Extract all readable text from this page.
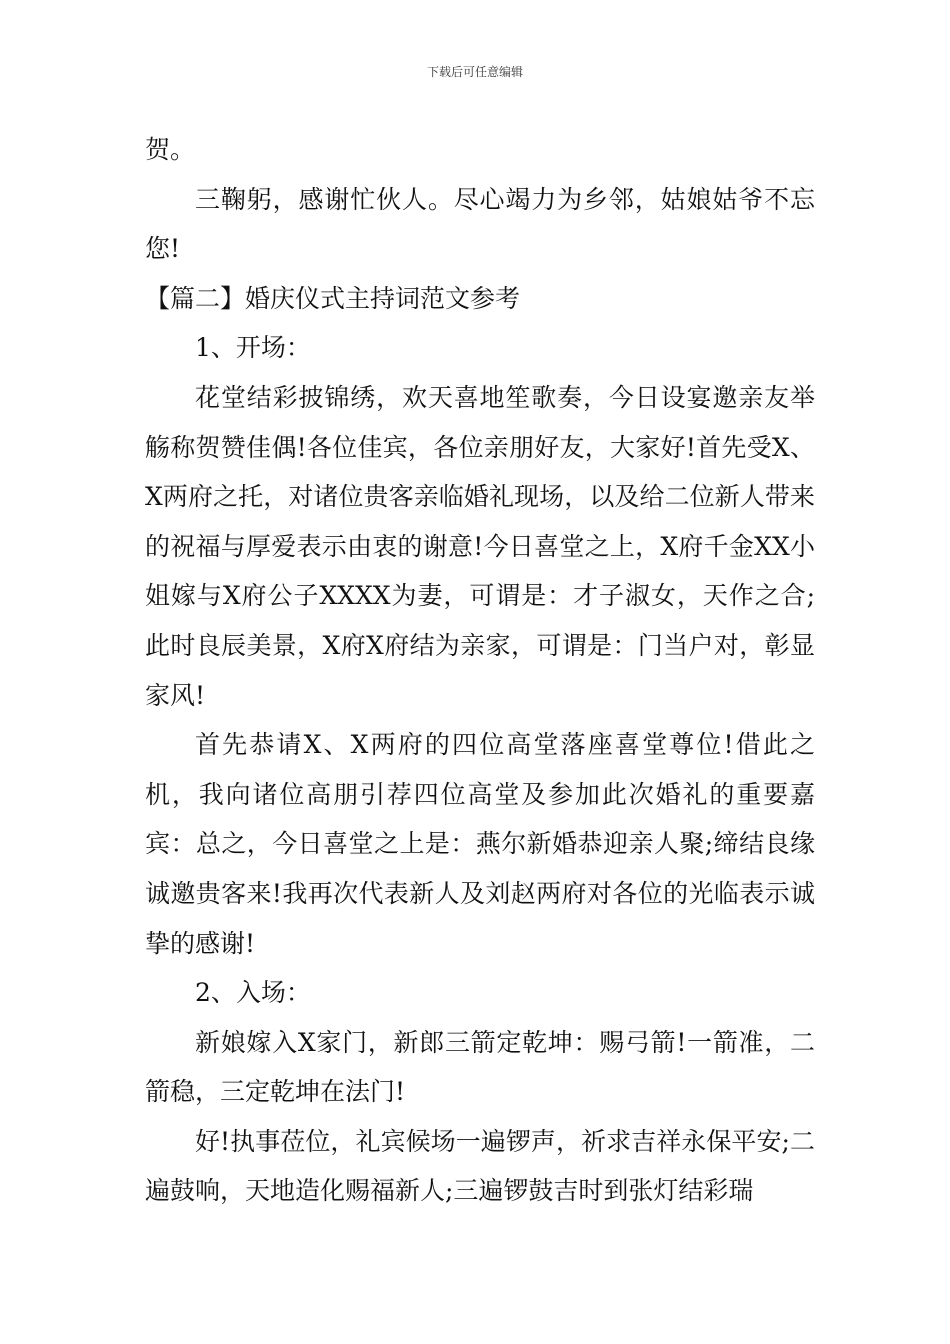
下载后可任意编辑

贺。

三鞠躬，感谢忙伙人。尽心竭力为乡邻，姑娘姑爷不忘您!

【篇二】婚庆仪式主持词范文参考

1、开场：

花堂结彩披锦绣，欢天喜地笙歌奏，今日设宴邀亲友举觞称贺赞佳偶!各位佳宾，各位亲朋好友，大家好!首先受X、X两府之托，对诸位贵客亲临婚礼现场，以及给二位新人带来的祝福与厚爱表示由衷的谢意!今日喜堂之上，X府千金XX小姐嫁与X府公子XXXX为妻，可谓是：才子淑女，天作之合;此时良辰美景，X府X府结为亲家，可谓是：门当户对，彰显家风!

首先恭请X、X两府的四位高堂落座喜堂尊位!借此之机，我向诸位高朋引荐四位高堂及参加此次婚礼的重要嘉宾：总之，今日喜堂之上是：燕尔新婚恭迎亲人聚;缔结良缘诚邀贵客来!我再次代表新人及刘赵两府对各位的光临表示诚挚的感谢!

2、入场：

新娘嫁入X家门，新郎三箭定乾坤：赐弓箭!一箭准，二箭稳，三定乾坤在法门!

好!执事莅位，礼宾候场一遍锣声，祈求吉祥永保平安;二遍鼓响，天地造化赐福新人;三遍锣鼓吉时到张灯结彩瑞
